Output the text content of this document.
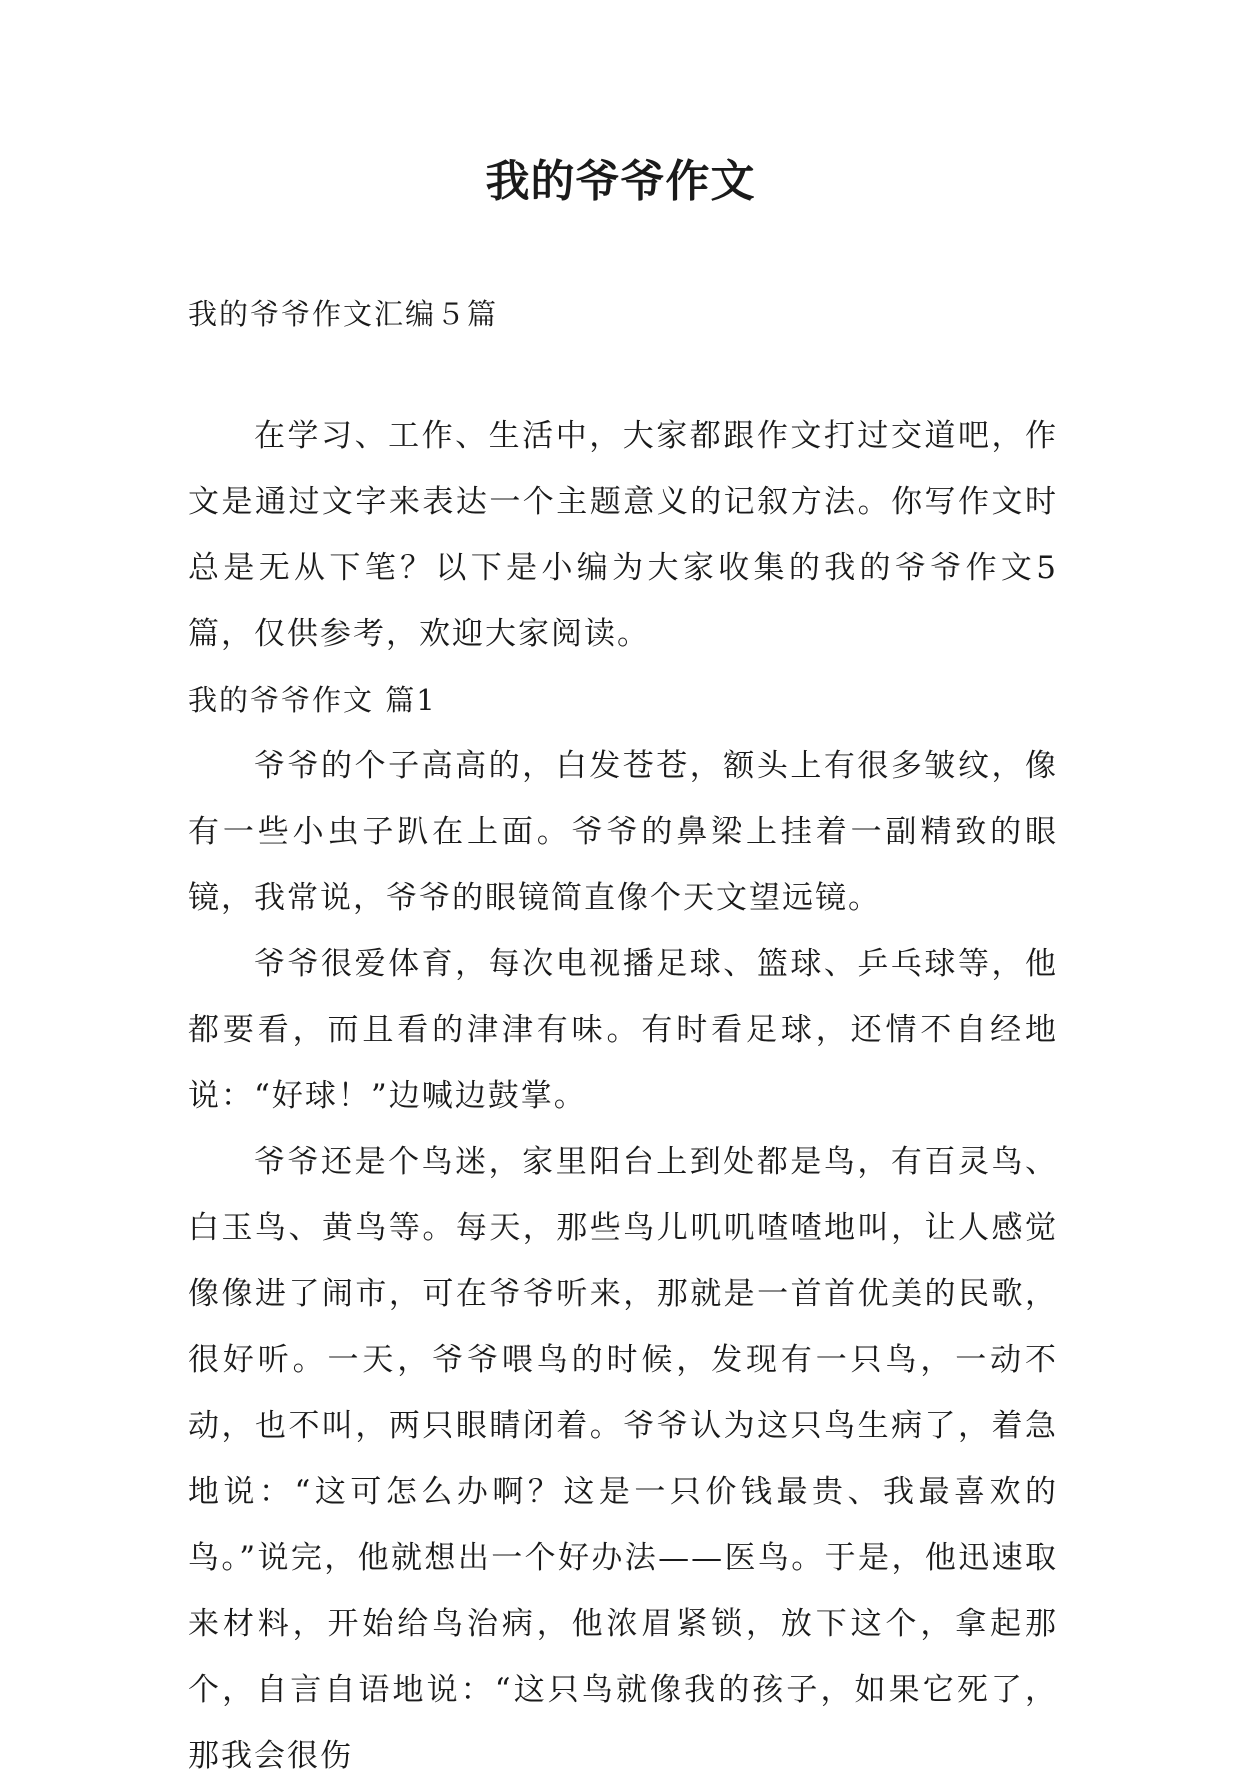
我的爷爷作文

我的爷爷作文汇编５篇

在学习、工作、生活中，大家都跟作文打过交道吧，作文是通过文字来表达一个主题意义的记叙方法。你写作文时总是无从下笔？以下是小编为大家收集的我的爷爷作文5篇，仅供参考，欢迎大家阅读。

我的爷爷作文 篇1

爷爷的个子高高的，白发苍苍，额头上有很多皱纹，像有一些小虫子趴在上面。爷爷的鼻梁上挂着一副精致的眼镜，我常说，爷爷的眼镜简直像个天文望远镜。

爷爷很爱体育，每次电视播足球、篮球、乒乓球等，他都要看，而且看的津津有味。有时看足球，还情不自经地说：“好球！”边喊边鼓掌。

爷爷还是个鸟迷，家里阳台上到处都是鸟，有百灵鸟、白玉鸟、黄鸟等。每天，那些鸟儿叽叽喳喳地叫，让人感觉像像进了闹市，可在爷爷听来，那就是一首首优美的民歌，很好听。一天，爷爷喂鸟的时候，发现有一只鸟，一动不动，也不叫，两只眼睛闭着。爷爷认为这只鸟生病了，着急地说：“这可怎么办啊？这是一只价钱最贵、我最喜欢的鸟。”说完，他就想出一个好办法——医鸟。于是，他迅速取来材料，开始给鸟治病，他浓眉紧锁，放下这个，拿起那个，自言自语地说：“这只鸟就像我的孩子，如果它死了，那我会很伤
